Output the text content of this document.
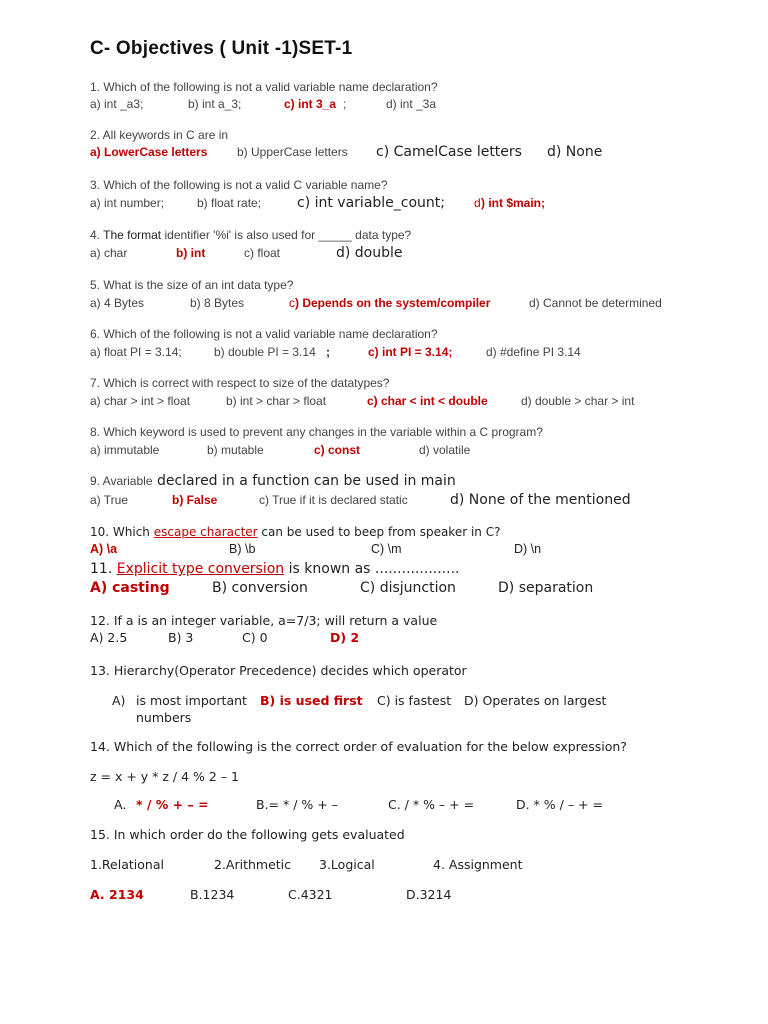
C- Objectives ( Unit -1)SET-1
1. Which of the following is not a valid variable name declaration?
a) int _a3;	b) int a_3;	c) int 3_a ;	d) int _3a
2. All keywords in C are in
a) LowerCase letters b) UpperCase letters c) CamelCase letters d) None
3. Which of the following is not a valid C variable name?
a) int number;	b) float rate;	c) int variable_count; d ) int $main;
4. The format identifier '%i' is also used for _____ data type?
a) char	b) int	c) float	d) double
5. What is the size of an int data type?
a) 4 Bytes	b) 8 Bytes	c ) Depends on the system/compiler	d) Cannot be determined
6. Which of the following is not a valid variable name declaration?
a) float PI = 3.14;	b) double PI = 3.14 ;	c) int PI = 3.14;	d) #define PI 3.14
7. Which is correct with respect to size of the datatypes?
a) char > int > float	b) int > char > float	c) char < int < double	d) double > char > int
8. Which keyword is used to prevent any changes in the variable within a C program?
a) immutable	b) mutable	c) const	d) volatile
9. Avariable declared in a function can be used in main
a) True	b) False	c) True if it is declared static	d) None of the mentioned
10. Which escape character can be used to beep from speaker in C?
A) \a	B) \b	C) \m	D) \n
11. Explicit type conversion is known as ...................
A) casting	B) conversion	C) disjunction	D) separation
12. If a is an integer variable, a=7/3; will return a value
A) 2.5	B) 3	C) 0	D) 2
13. Hierarchy(Operator Precedence) decides which operator
A) is most important B) is used first C) is fastest D) Operates on largest
numbers
14. Which of the following is the correct order of evaluation for the below expression?
z = x + y * z / 4 % 2 – 1
A. * / % + – =	B.= * / % + –	C. / * % – + =	D. * % / – + =
15. In which order do the following gets evaluated
1.Relational	2.Arithmetic 3.Logical	4. Assignment
A. 2134	B.1234	C.4321	D.3214
